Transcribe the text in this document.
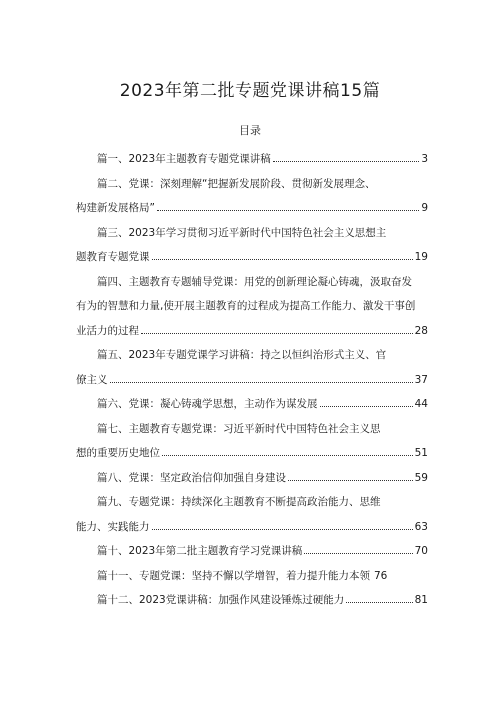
2023年第二批专题党课讲稿15篇
目录
篇一、2023年主题教育专题党课讲稿	3
篇二、党课：深刻理解“把握新发展阶段、贯彻新发展理念、
构建新发展格局”	9
篇三、2023年学习贯彻习近平新时代中国特色社会主义思想主
题教育专题党课	19
篇四、主题教育专题辅导党课：用党的创新理论凝心铸魂，汲取奋发
有为的智慧和力量,使开展主题教育的过程成为提高工作能力、激发干事创
业活力的过程	28
篇五、2023年专题党课学习讲稿：持之以恒纠治形式主义、官
僚主义	37
篇六、党课：凝心铸魂学思想，主动作为谋发展	44
篇七、主题教育专题党课：习近平新时代中国特色社会主义思
想的重要历史地位	51
篇八、党课：坚定政治信仰加强自身建设	59
篇九、专题党课：持续深化主题教育不断提高政治能力、思维
能力、实践能力	63
篇十、2023年第二批主题教育学习党课讲稿	70
篇十一、专题党课：坚持不懈以学增智，着力提升能力本领 76
篇十二、2023党课讲稿：加强作风建设锤炼过硬能力	81
